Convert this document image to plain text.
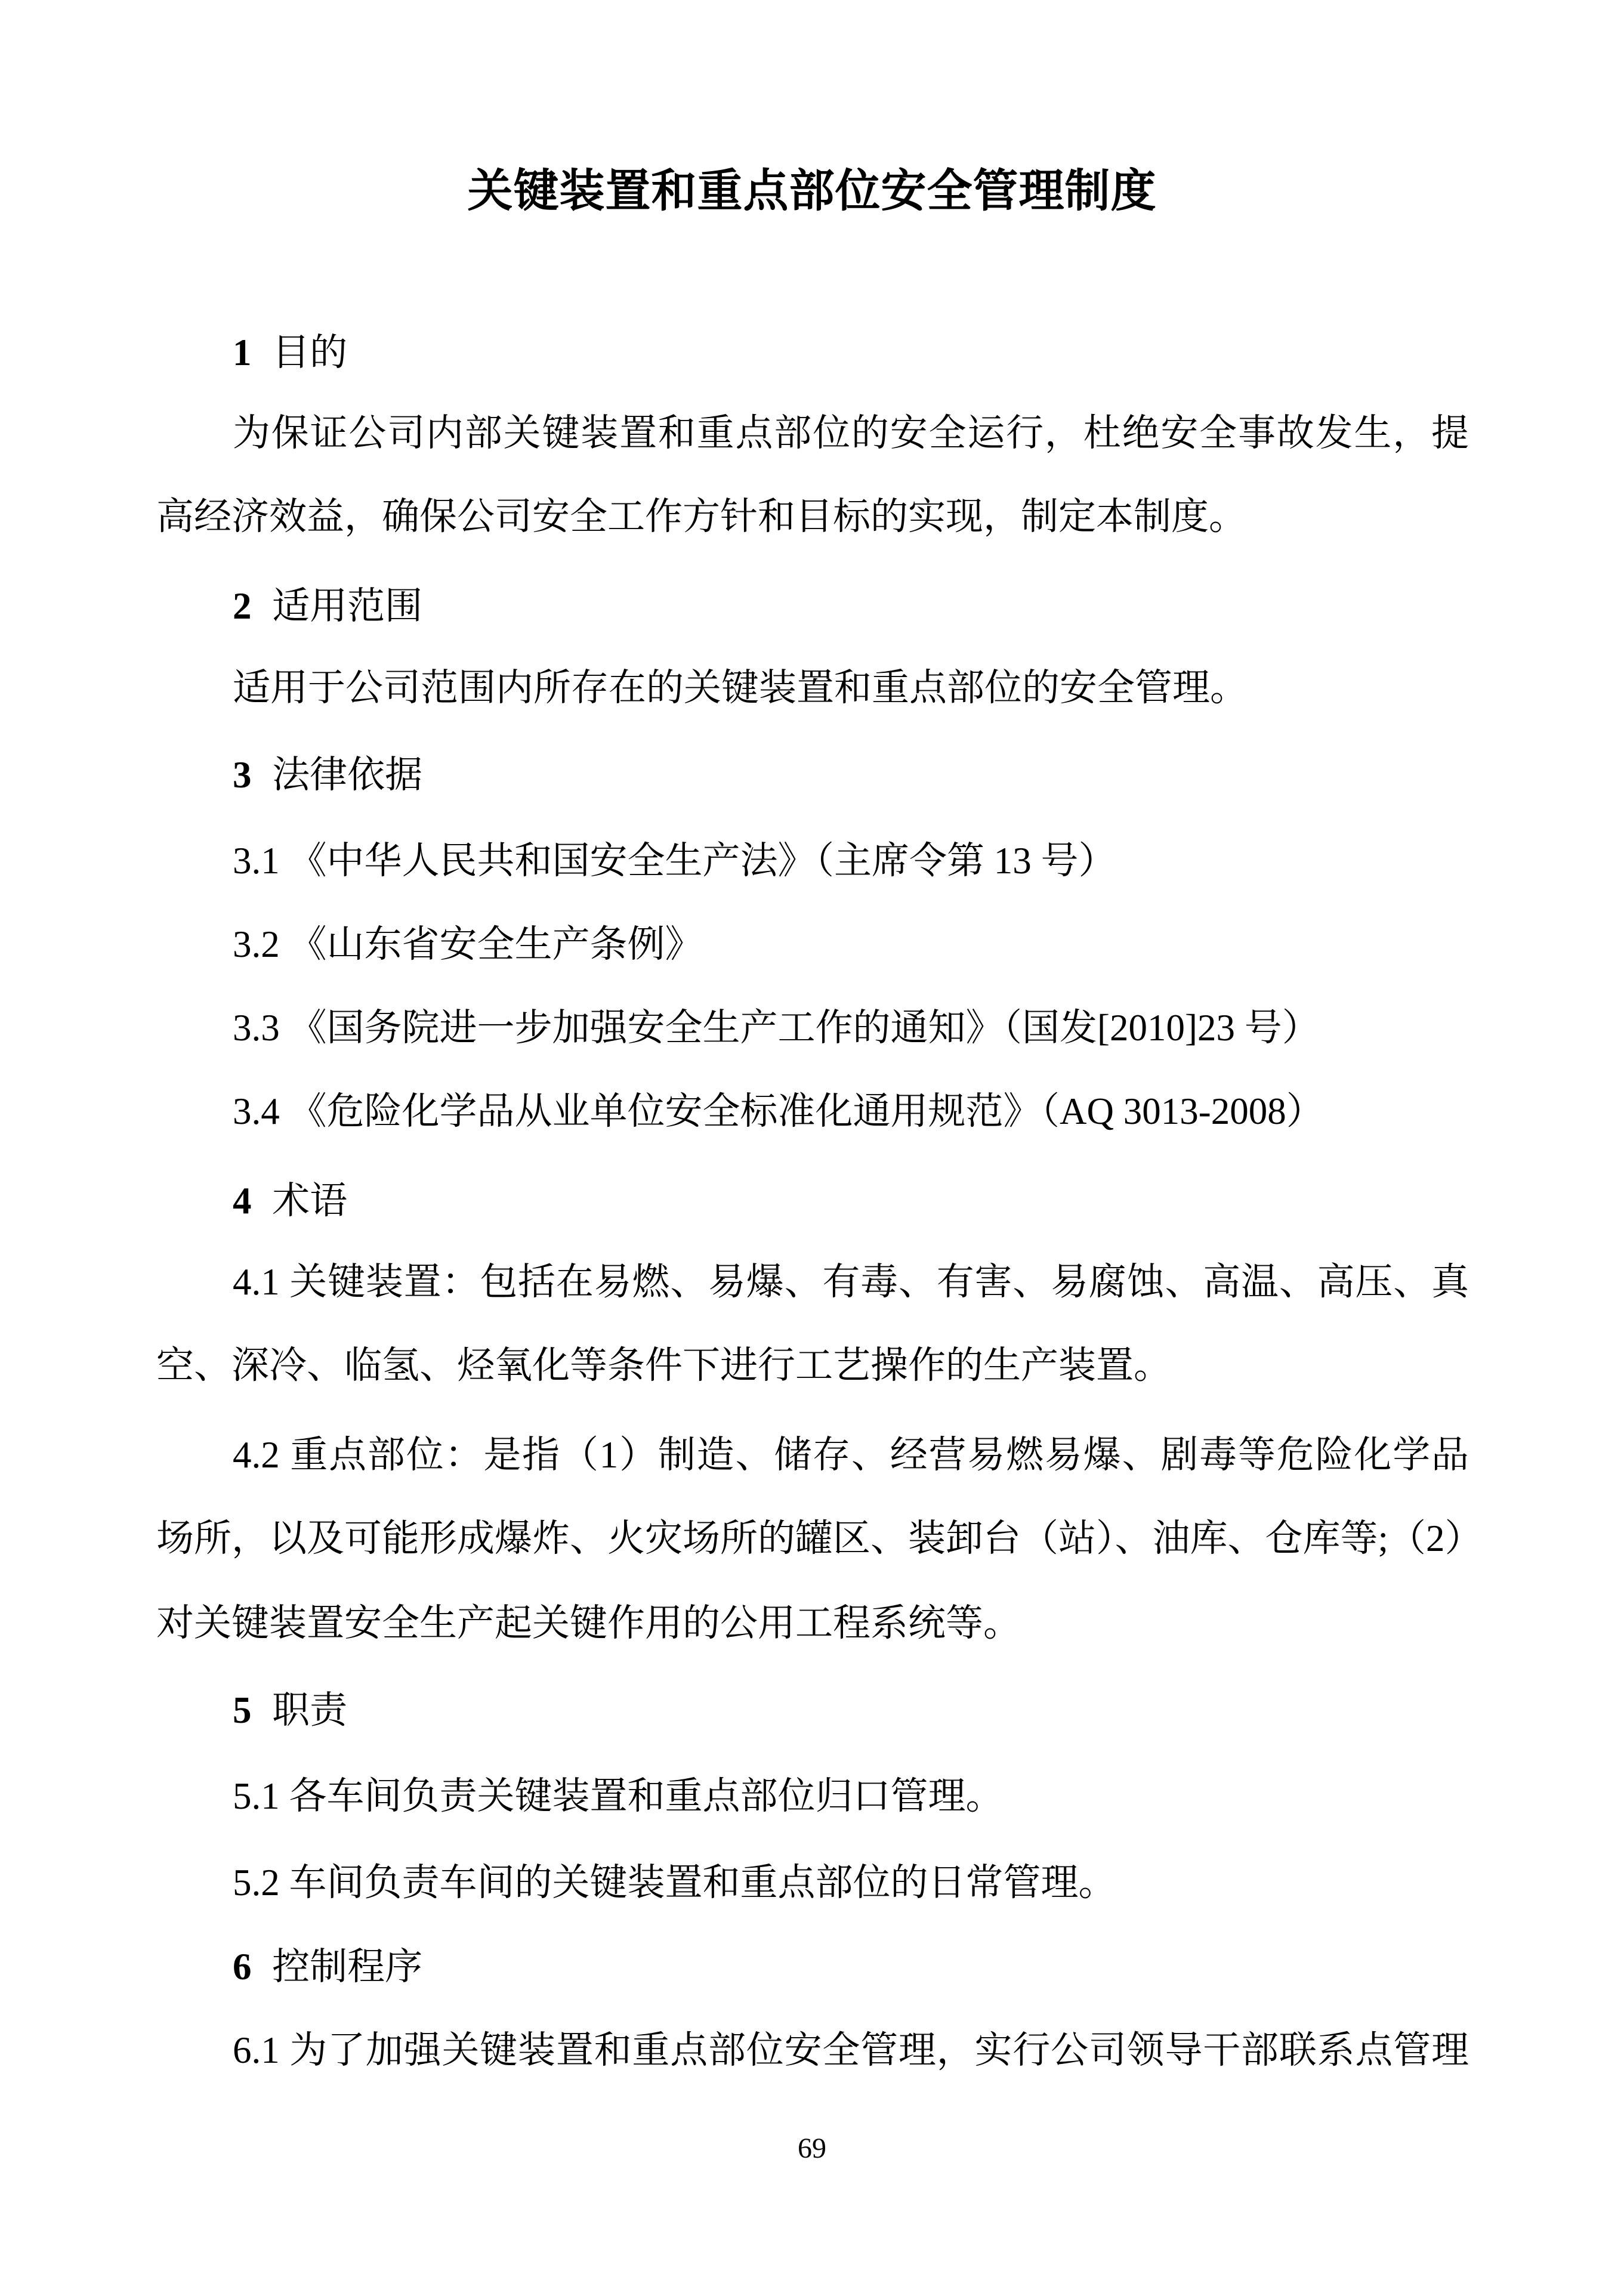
关键装置和重点部位安全管理制度
1 目的
为保证公司内部关键装置和重点部位的安全运行，杜绝安全事故发生，提
高经济效益，确保公司安全工作方针和目标的实现，制定本制度。
2 适用范围
适用于公司范围内所存在的关键装置和重点部位的安全管理。
3 法律依据
3.1 《中华人民共和国安全生产法》（主席令第 13 号）
3.2 《山东省安全生产条例》
3.3 《国务院进一步加强安全生产工作的通知》（国发[2010]23 号）
3.4 《危险化学品从业单位安全标准化通用规范》（AQ 3013-2008）
4 术语
4.1 关键装置：包括在易燃、易爆、有毒、有害、易腐蚀、高温、高压、真
空、深冷、临氢、烃氧化等条件下进行工艺操作的生产装置。
4.2 重点部位：是指（1）制造、储存、经营易燃易爆、剧毒等危险化学品
场所，以及可能形成爆炸、火灾场所的罐区、装卸台（站）、油库、仓库等;（2）
对关键装置安全生产起关键作用的公用工程系统等。
5 职责
5.1 各车间负责关键装置和重点部位归口管理。
5.2 车间负责车间的关键装置和重点部位的日常管理。
6 控制程序
6.1 为了加强关键装置和重点部位安全管理，实行公司领导干部联系点管理
69
